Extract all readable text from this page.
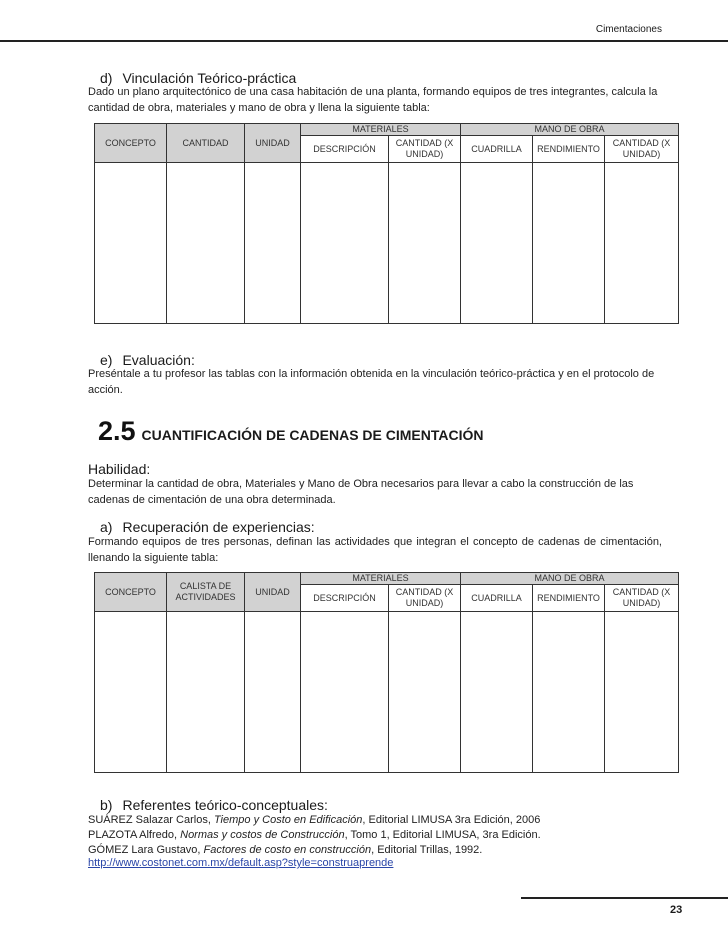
Cimentaciones
d) Vinculación Teórico-práctica
Dado un plano arquitectónico de una casa habitación de una planta, formando equipos de tres integrantes, calcula la cantidad de obra, materiales y mano de obra y llena la siguiente tabla:
CONCEPTO	CANTIDAD	UNIDAD	MATERIALES		MANO DE OBRA		
			DESCRIPCIÓN	CANTIDAD (X UNIDAD)	CUADRILLA	RENDIMIENTO	CANTIDAD (X UNIDAD)

e) Evaluación:
Preséntale a tu profesor las tablas con la información obtenida en la vinculación teórico-práctica y en el protocolo de acción.
2.5 CUANTIFICACIÓN DE CADENAS DE CIMENTACIÓN
Habilidad:
Determinar la cantidad de obra, Materiales y Mano de Obra necesarios para llevar a cabo la construcción de las cadenas de cimentación de una obra determinada.
a) Recuperación de experiencias:
Formando equipos de tres personas, definan las actividades que integran el concepto de cadenas de cimentación, llenando la siguiente tabla:
CONCEPTO	CALISTA DE ACTIVIDADES	UNIDAD	MATERIALES		MANO DE OBRA		
			DESCRIPCIÓN	CANTIDAD (X UNIDAD)	CUADRILLA	RENDIMIENTO	CANTIDAD (X UNIDAD)

b) Referentes teórico-conceptuales:
SUÁREZ Salazar Carlos, Tiempo y Costo en Edificación, Editorial LIMUSA 3ra Edición, 2006
PLAZOTA Alfredo, Normas y costos de Construcción, Tomo 1, Editorial LIMUSA, 3ra Edición.
GÓMEZ Lara Gustavo, Factores de costo en construcción, Editorial Trillas, 1992.
http://www.costonet.com.mx/default.asp?style=construaprende
23
